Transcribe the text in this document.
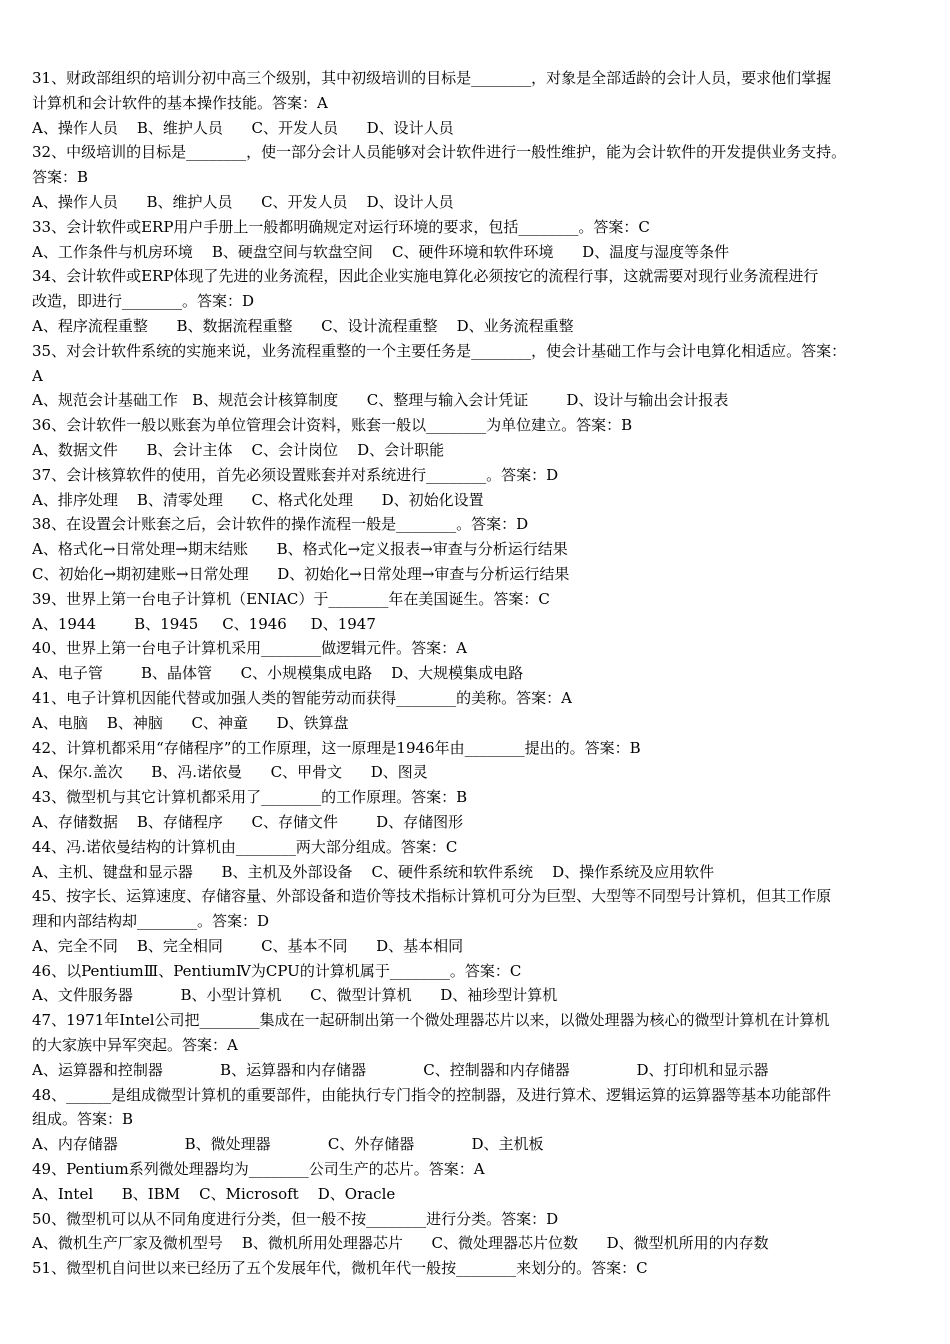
31、财政部组织的培训分初中高三个级别，其中初级培训的目标是________，对象是全部适龄的会计人员，要求他们掌握
计算机和会计软件的基本操作技能。答案：A
A、操作人员    B、维护人员      C、开发人员      D、设计人员
32、中级培训的目标是________，使一部分会计人员能够对会计软件进行一般性维护，能为会计软件的开发提供业务支持。
答案：B
A、操作人员      B、维护人员      C、开发人员    D、设计人员
33、会计软件或ERP用户手册上一般都明确规定对运行环境的要求，包括________。答案：C
A、工作条件与机房环境    B、硬盘空间与软盘空间    C、硬件环境和软件环境      D、温度与湿度等条件
34、会计软件或ERP体现了先进的业务流程，因此企业实施电算化必须按它的流程行事，这就需要对现行业务流程进行
改造，即进行________。答案：D
A、程序流程重整      B、数据流程重整      C、设计流程重整    D、业务流程重整
35、对会计软件系统的实施来说，业务流程重整的一个主要任务是________，使会计基础工作与会计电算化相适应。答案：
A
A、规范会计基础工作   B、规范会计核算制度      C、整理与输入会计凭证        D、设计与输出会计报表
36、会计软件一般以账套为单位管理会计资料，账套一般以________为单位建立。答案：B
A、数据文件      B、会计主体    C、会计岗位    D、会计职能
37、会计核算软件的使用，首先必须设置账套并对系统进行________。答案：D
A、排序处理    B、清零处理      C、格式化处理      D、初始化设置
38、在设置会计账套之后，会计软件的操作流程一般是________。答案：D
A、格式化→日常处理→期末结账      B、格式化→定义报表→审查与分析运行结果
C、初始化→期初建账→日常处理      D、初始化→日常处理→审查与分析运行结果
39、世界上第一台电子计算机（ENIAC）于________年在美国诞生。答案：C
A、1944        B、1945     C、1946     D、1947
40、世界上第一台电子计算机采用________做逻辑元件。答案：A
A、电子管        B、晶体管      C、小规模集成电路    D、大规模集成电路
41、电子计算机因能代替或加强人类的智能劳动而获得________的美称。答案：A
A、电脑    B、神脑      C、神童      D、铁算盘
42、计算机都采用“存储程序”的工作原理，这一原理是1946年由________提出的。答案：B
A、保尔.盖次      B、冯.诺依曼      C、甲骨文      D、图灵
43、微型机与其它计算机都采用了________的工作原理。答案：B
A、存储数据    B、存储程序      C、存储文件        D、存储图形
44、冯.诺依曼结构的计算机由________两大部分组成。答案：C
A、主机、键盘和显示器      B、主机及外部设备    C、硬件系统和软件系统    D、操作系统及应用软件
45、按字长、运算速度、存储容量、外部设备和造价等技术指标计算机可分为巨型、大型等不同型号计算机，但其工作原
理和内部结构却________。答案：D
A、完全不同    B、完全相同        C、基本不同      D、基本相同
46、以PentiumⅢ、PentiumⅣ为CPU的计算机属于________。答案：C
A、文件服务器          B、小型计算机      C、微型计算机      D、袖珍型计算机
47、1971年Intel公司把________集成在一起研制出第一个微处理器芯片以来，以微处理器为核心的微型计算机在计算机
的大家族中异军突起。答案：A
A、运算器和控制器            B、运算器和内存储器            C、控制器和内存储器              D、打印机和显示器
48、______是组成微型计算机的重要部件，由能执行专门指令的控制器，及进行算术、逻辑运算的运算器等基本功能部件
组成。答案：B
A、内存储器              B、微处理器            C、外存储器            D、主机板
49、Pentium系列微处理器均为________公司生产的芯片。答案：A
A、Intel      B、IBM    C、Microsoft    D、Oracle
50、微型机可以从不同角度进行分类，但一般不按________进行分类。答案：D
A、微机生产厂家及微机型号    B、微机所用处理器芯片      C、微处理器芯片位数      D、微型机所用的内存数
51、微型机自问世以来已经历了五个发展年代，微机年代一般按________来划分的。答案：C
